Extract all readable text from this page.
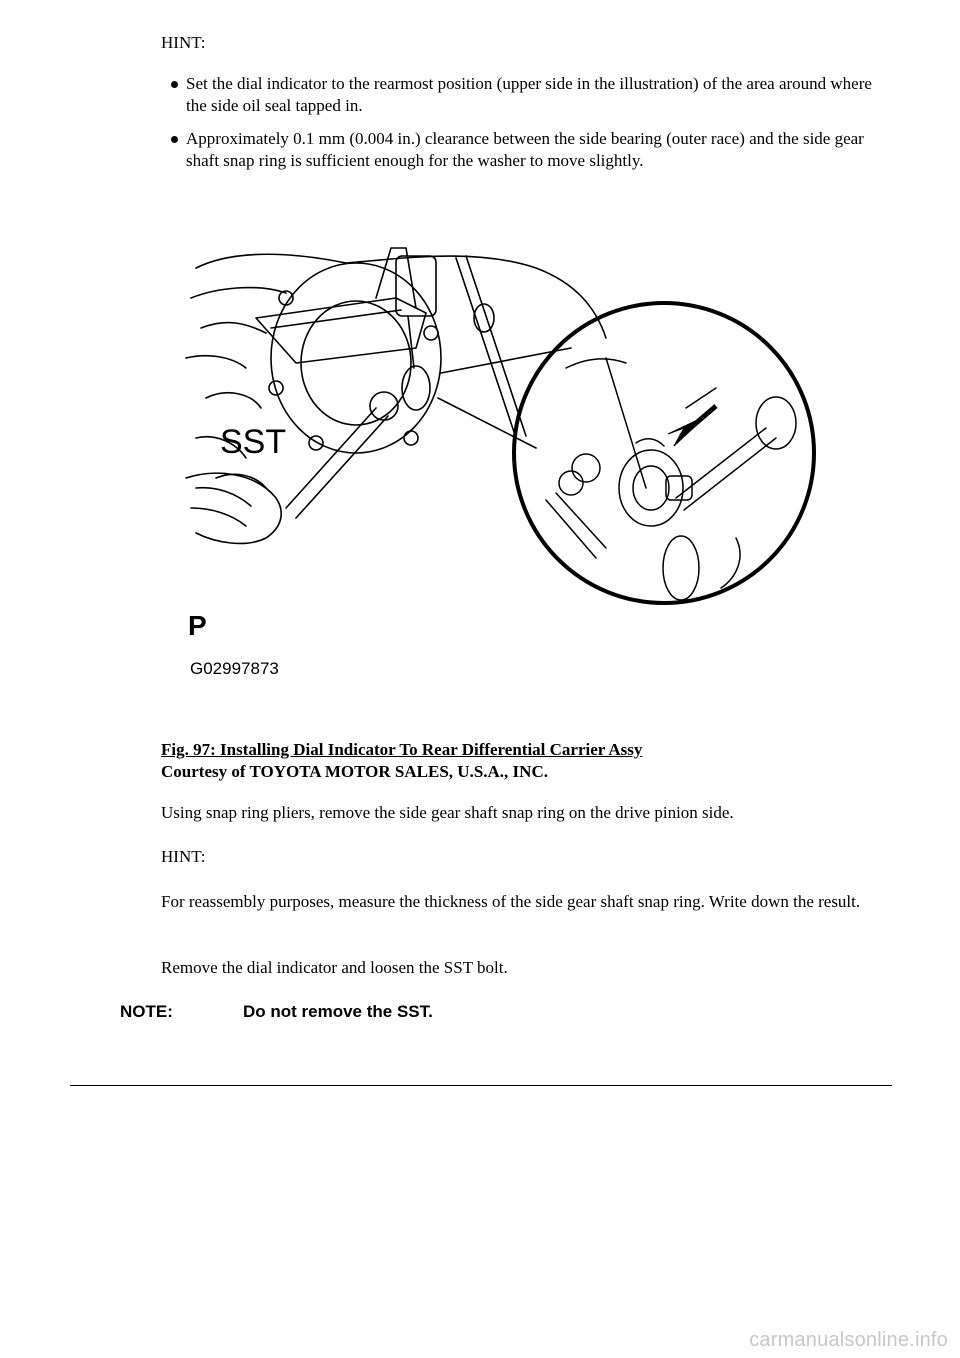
HINT:
Set the dial indicator to the rearmost position (upper side in the illustration) of the area around where the side oil seal tapped in.
Approximately 0.1 mm (0.004 in.) clearance between the side bearing (outer race) and the side gear shaft snap ring is sufficient enough for the washer to move slightly.
SST
P
G02997873
Fig. 97: Installing Dial Indicator To Rear Differential Carrier Assy
Courtesy of TOYOTA MOTOR SALES, U.S.A., INC.
Using snap ring pliers, remove the side gear shaft snap ring on the drive pinion side.
HINT:
For reassembly purposes, measure the thickness of the side gear shaft snap ring. Write down the result.
Remove the dial indicator and loosen the SST bolt.
NOTE:	Do not remove the SST.
carmanualsonline.info
